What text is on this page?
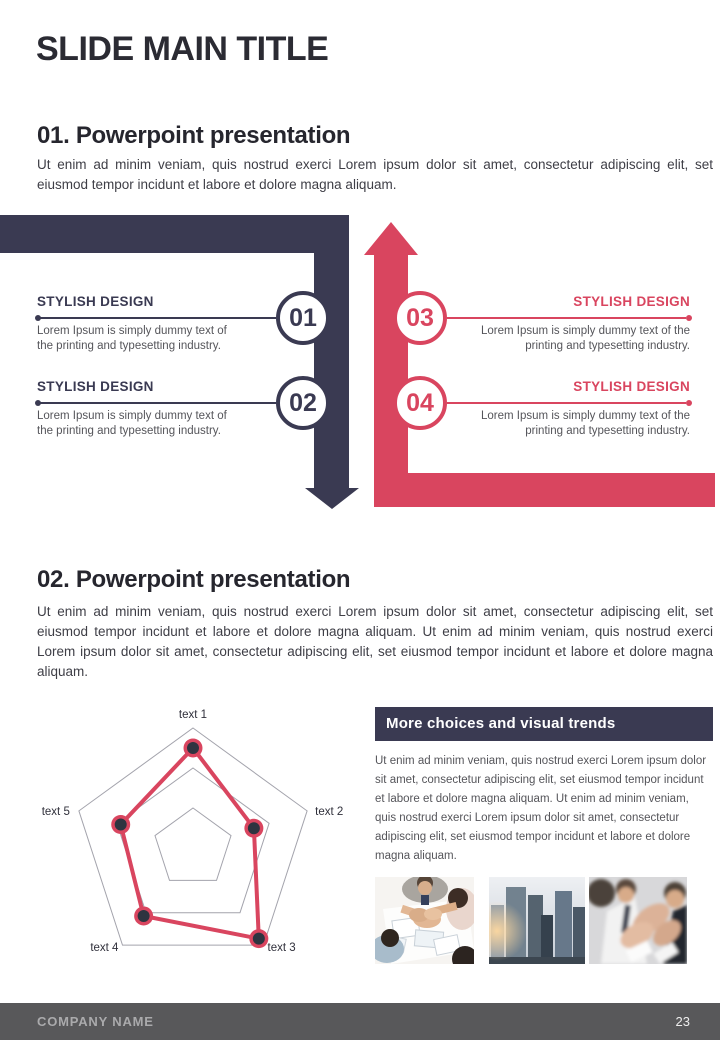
SLIDE MAIN TITLE
01. Powerpoint presentation

Ut enim ad minim veniam, quis nostrud exerci Lorem ipsum dolor sit amet, consectetur adipiscing elit, set eiusmod tempor incidunt et labore et dolore magna aliquam.

STYLISH DESIGN

Lorem Ipsum is simply dummy text of the printing and typesetting industry.

01
STYLISH DESIGN

Lorem Ipsum is simply dummy text of the printing and typesetting industry.

02
STYLISH DESIGN

Lorem Ipsum is simply dummy text of the printing and typesetting industry.

03
STYLISH DESIGN

Lorem Ipsum is simply dummy text of the printing and typesetting industry.

04
02. Powerpoint presentation

Ut enim ad minim veniam, quis nostrud exerci Lorem ipsum dolor sit amet, consectetur adipiscing elit, set eiusmod tempor incidunt et labore et dolore magna aliquam. Ut enim ad minim veniam, quis nostrud exerci Lorem ipsum dolor sit amet, consectetur adipiscing elit, set eiusmod tempor incidunt et labore et dolore magna aliquam.

text 1
text 2
text 3
text 4
text 5
More choices and visual trends

Ut enim ad minim veniam, quis nostrud exerci Lorem ipsum dolor sit amet, consectetur adipiscing elit, set eiusmod tempor incidunt et labore et dolore magna aliquam. Ut enim ad minim veniam, quis nostrud exerci Lorem ipsum dolor sit amet, consectetur adipiscing elit, set eiusmod tempor incidunt et labore et dolore magna aliquam.

COMPANY NAME	23
